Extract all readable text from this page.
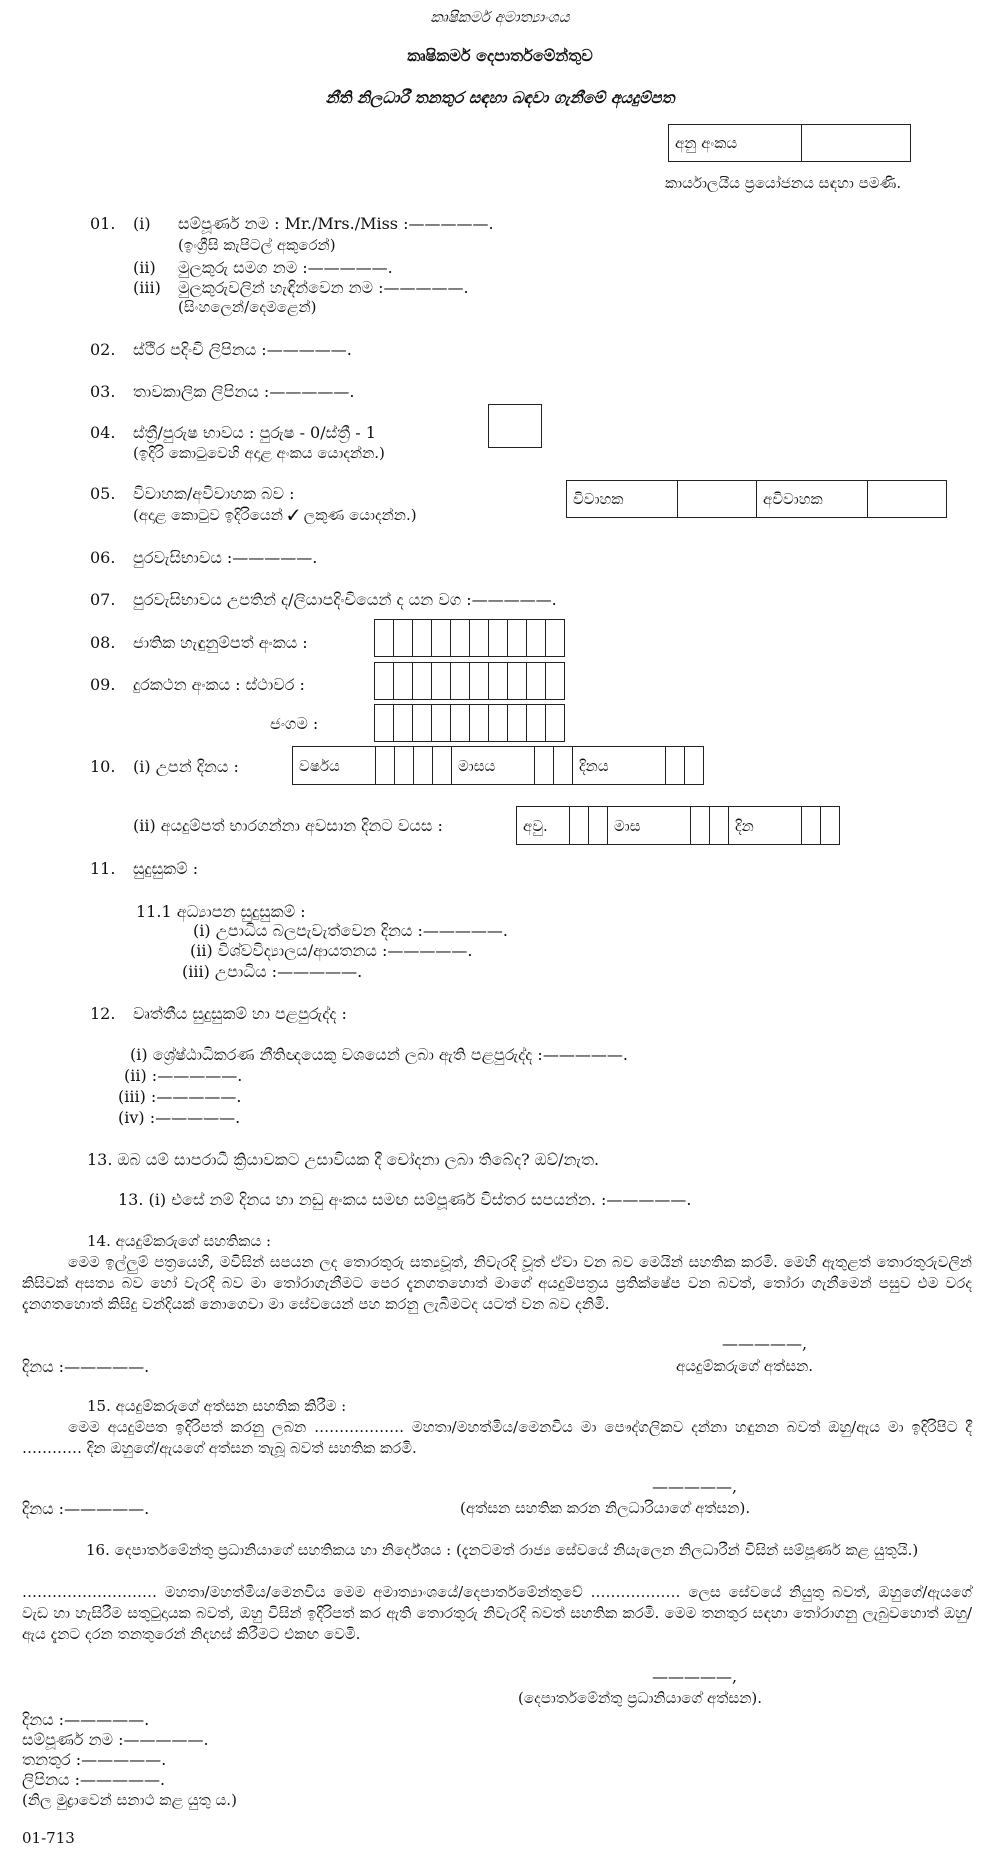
කෘෂිකර්ම අමාත්‍යාංශය
කෘෂිකර්ම දෙපාර්තමේන්තුව
නීති නිලධාරී තනතුර සඳහා බඳවා ගැනීමේ අයදුම්පත
අනු අංකය	
කාර්යාලයීය ප්‍රයෝජනය සඳහා පමණි.
01. (i) සම්පූර්ණ නම : Mr./Mrs./Miss :—————.
(ඉංග්‍රීසි කැපිටල් අකුරෙන්)
(ii) මුලකුරු සමග නම :—————.
(iii) මුලකුරුවලින් හැඳින්වෙන නම :—————.
(සිංහලෙන්/දෙමළෙන්)
02. ස්ථිර පදිංචි ලිපිනය :—————.
03. තාවකාලික ලිපිනය :—————.
04. ස්ත්‍රී/පුරුෂ භාවය : පුරුෂ - 0/ස්ත්‍රී - 1
(ඉදිරි කොටුවෙහි අදාළ අංකය යොදන්න.)
05. විවාහක/අවිවාහක බව :
(අදාළ කොටුව ඉදිරියෙන් ✓ ලකුණ යොදන්න.)
විවාහක		අවිවාහක	
06. පුරවැසිභාවය :—————.
07. පුරවැසිභාවය උපතින් ද/ලියාපදිංචියෙන් ද යන වග :—————.
08. ජාතික හැඳුනුම්පත් අංකය :

09. දුරකථන අංකය : ස්ථාවර :

ජංගම :

10. (i) උපන් දිනය :	වර්ෂය					මාසය			දිනය		
(ii) අයදුම්පත් භාරගන්නා අවසාන දිනට වයස :	අවු.			මාස			දින		
11. සුදුසුකම් :
11.1 අධ්‍යාපන සුදුසුකම් :
(i) උපාධිය බලපැවැත්වෙන දිනය :—————.
(ii) විශ්වවිද්‍යාලය/ආයතනය :—————.
(iii) උපාධිය :—————.
12. වෘත්තීය සුදුසුකම් හා පළපුරුද්ද :
(i) ශ්‍රේෂ්ඨාධිකරණ නීතිඥයෙකු වශයෙන් ලබා ඇති පළපුරුද්ද :—————.
(ii) :—————.
(iii) :—————.
(iv) :—————.
13. ඔබ යම් සාපරාධී ක්‍රියාවකට උසාවියක දී චෝදනා ලබා තිබේද? ඔව්/නැත.
13. (i) එසේ නම් දිනය හා නඩු අංකය සමඟ සම්පූර්ණ විස්තර සපයන්න. :—————.
14. අයදුම්කරුගේ සහතිකය :
මෙම ඉල්ලුම් පත්‍රයෙහි, මවිසින් සපයන ලද තොරතුරු සත්‍යවූත්, නිවැරදි වූත් ඒවා වන බව මෙයින් සහතික කරමි. මෙහි ඇතුළත් තොරතුරුවලින් කිසිවක් අසත්‍ය බව හෝ වැරදි බව මා තෝරාගැනීමට පෙර දැනගතහොත් මාගේ අයදුම්පත්‍රය ප්‍රතික්ෂේප වන බවත්, තෝරා ගැනීමෙන් පසුව එම වරද දැනගතහොත් කිසිදු වන්දියක් නොගෙවා මා සේවයෙන් පහ කරනු ලැබීමටද යටත් වන බව දනිමි.
—————,
දිනය :—————.	අයදුම්කරුගේ අත්සන.
15. අයදුම්කරුගේ අත්සන සහතික කිරීම :
මෙම අයදුම්පත ඉදිරිපත් කරනු ලබන ……………… මහතා/මහත්මිය/මෙනවිය මා පෞද්ගලිකව දන්නා හඳුනන බවත් ඔහු/ඇය මා ඉදිරිපිට දී ………… දින ඔහුගේ/ඇයගේ අත්සන තැබූ බවත් සහතික කරමි.
—————,
දිනය :—————.	(අත්සන සහතික කරන නිලධාරියාගේ අත්සන).
16. දෙපාර්තමේන්තු ප්‍රධානියාගේ සහතිකය හා නිර්දේශය : (දැනටමත් රාජ්‍ය සේවයේ නියැලෙන නිලධාරීන් විසින් සම්පූර්ණ කළ යුතුයි.)
……………………… මහතා/මහත්මිය/මෙනවිය මෙම අමාත්‍යාංශයේ/දෙපාර්තමේන්තුවේ ……………… ලෙස සේවයේ නියුතු බවත්, ඔහුගේ/ඇයගේ වැඩ හා හැසිරීම සතුටුදායක බවත්, ඔහු විසින් ඉදිරිපත් කර ඇති තොරතුරු නිවැරදි බවත් සහතික කරමි. මෙම තනතුර සඳහා තෝරාගනු ලැබුවහොත් ඔහු/ඇය දැනට දරන තනතුරෙන් නිදහස් කිරීමට එකඟ වෙමි.
—————,
(දෙපාර්තමේන්තු ප්‍රධානියාගේ අත්සන).
දිනය :—————.
සම්පූර්ණ නම :—————.
තනතුර :—————.
ලිපිනය :—————.
(නිල මුද්‍රාවෙන් සනාථ කළ යුතු ය.)
01-713
